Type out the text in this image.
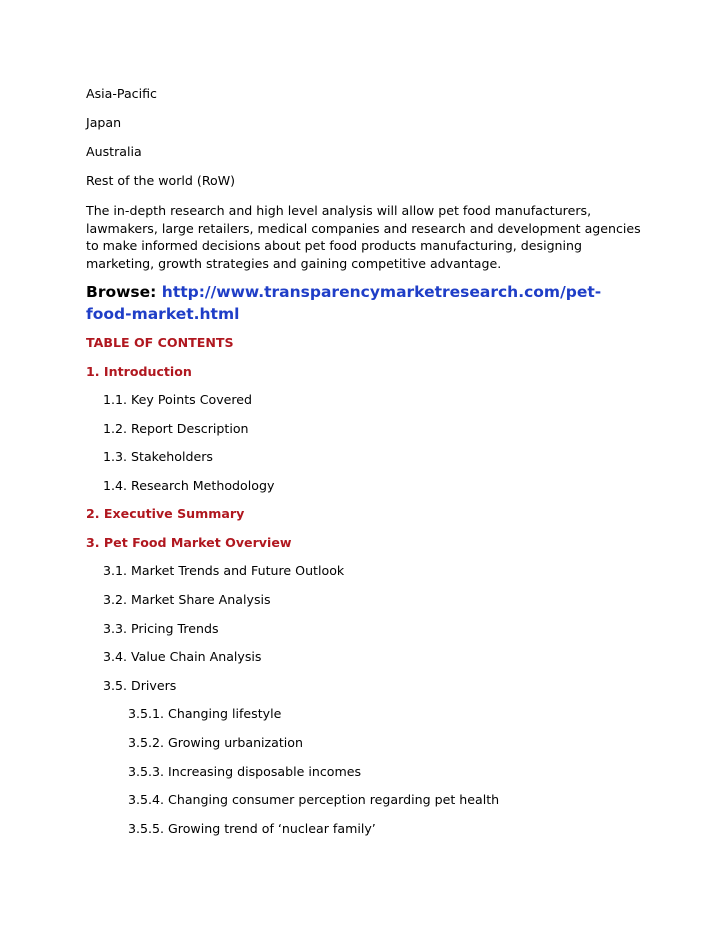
Asia-Pacific
Japan
Australia
Rest of the world (RoW)

The in-depth research and high level analysis will allow pet food manufacturers, lawmakers, large retailers, medical companies and research and development agencies to make informed decisions about pet food products manufacturing, designing marketing, growth strategies and gaining competitive advantage.

Browse: http://www.transparencymarketresearch.com/pet-food-market.html
TABLE OF CONTENTS
1. Introduction
1.1. Key Points Covered
1.2. Report Description
1.3. Stakeholders
1.4. Research Methodology
2. Executive Summary
3. Pet Food Market Overview
3.1. Market Trends and Future Outlook
3.2. Market Share Analysis
3.3. Pricing Trends
3.4. Value Chain Analysis
3.5. Drivers
3.5.1. Changing lifestyle
3.5.2. Growing urbanization
3.5.3. Increasing disposable incomes
3.5.4. Changing consumer perception regarding pet health
3.5.5. Growing trend of ‘nuclear family’
